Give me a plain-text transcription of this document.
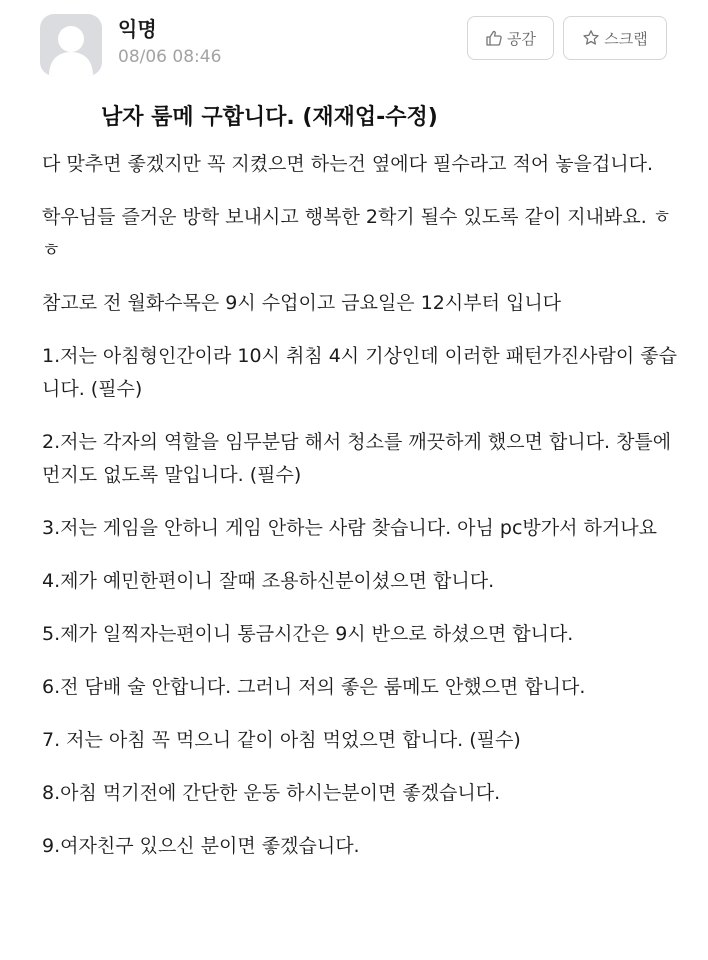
익명
08/06 08:46
공감	스크랩
남자 룸메 구합니다. (재재업-수정)

다 맞추면 좋겠지만 꼭 지켰으면 하는건 옆에다 필수라고 적어 놓을겁니다.

학우님들 즐거운 방학 보내시고 행복한 2학기 될수 있도록 같이 지내봐요. ㅎㅎ

참고로 전 월화수목은 9시 수업이고 금요일은 12시부터 입니다

1.저는 아침형인간이라 10시 취침 4시 기상인데 이러한 패턴가진사람이 좋습니다. (필수)

2.저는 각자의 역할을 임무분담 해서 청소를 깨끗하게 했으면 합니다. 창틀에 먼지도 없도록 말입니다. (필수)

3.저는 게임을 안하니 게임 안하는 사람 찾습니다. 아님 pc방가서 하거나요

4.제가 예민한편이니 잘때 조용하신분이셨으면 합니다.

5.제가 일찍자는편이니 통금시간은 9시 반으로 하셨으면 합니다.

6.전 담배 술 안합니다. 그러니 저의 좋은 룸메도 안했으면 합니다.

7. 저는 아침 꼭 먹으니 같이 아침 먹었으면 합니다. (필수)

8.아침 먹기전에 간단한 운동 하시는분이면 좋겠습니다.

9.여자친구 있으신 분이면 좋겠습니다.
